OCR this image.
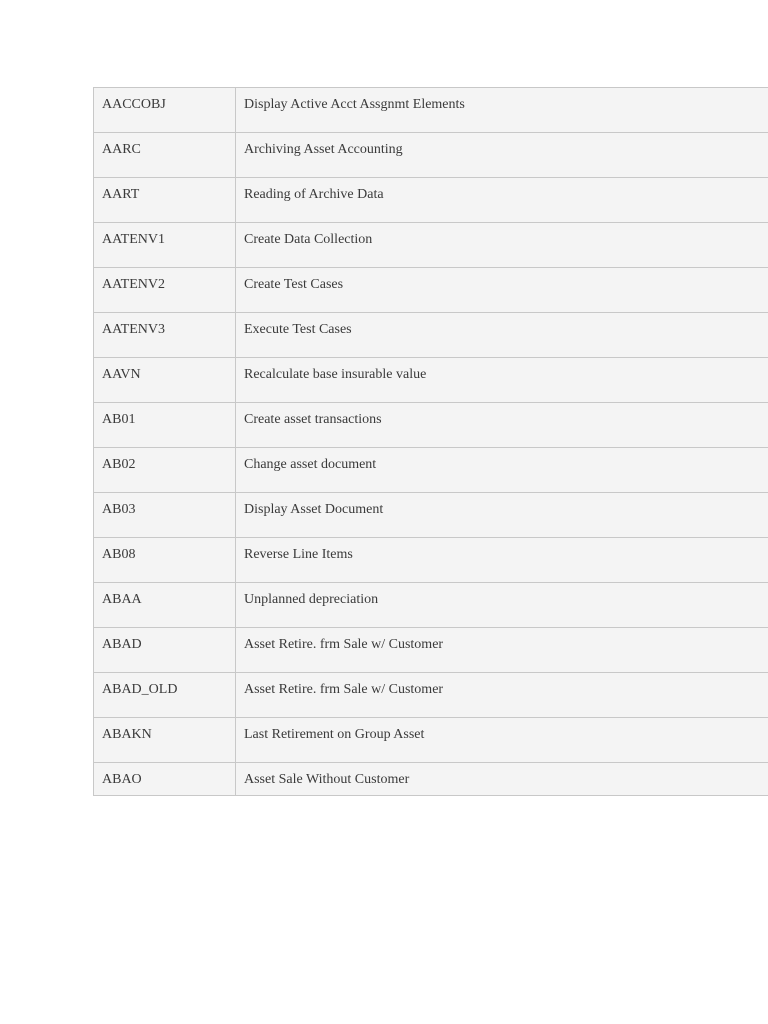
AACCOBJ	Display Active Acct Assgnmt Elements
AARC	Archiving Asset Accounting
AART	Reading of Archive Data
AATENV1	Create Data Collection
AATENV2	Create Test Cases
AATENV3	Execute Test Cases
AAVN	Recalculate base insurable value
AB01	Create asset transactions
AB02	Change asset document
AB03	Display Asset Document
AB08	Reverse Line Items
ABAA	Unplanned depreciation
ABAD	Asset Retire. frm Sale w/ Customer
ABAD_OLD	Asset Retire. frm Sale w/ Customer
ABAKN	Last Retirement on Group Asset
ABAO	Asset Sale Without Customer
